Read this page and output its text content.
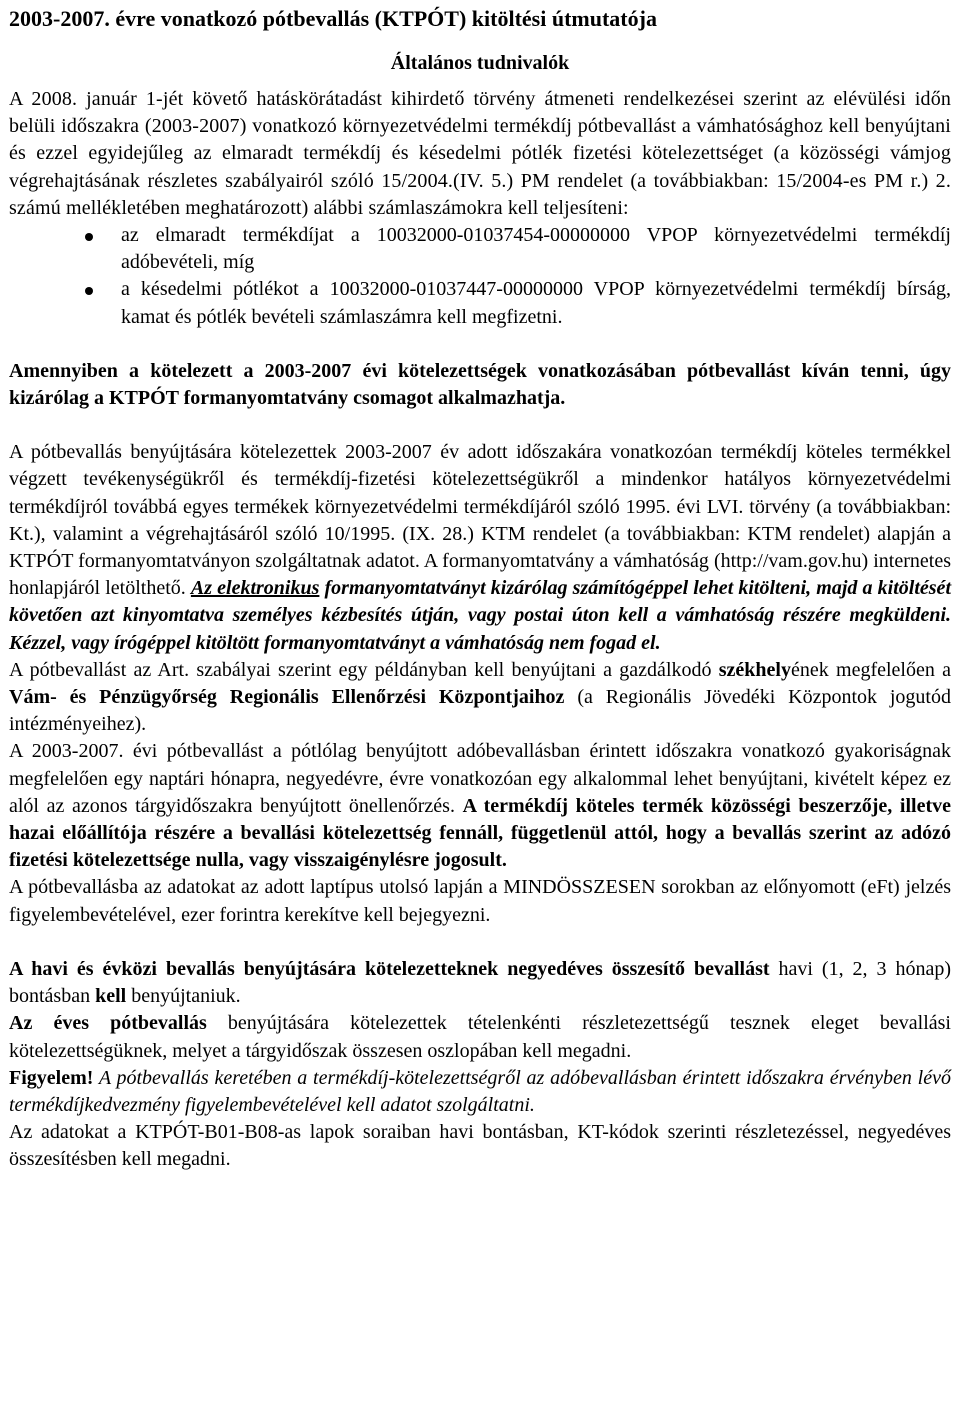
2003-2007. évre vonatkozó pótbevallás (KTPÓT) kitöltési útmutatója
Általános tudnivalók

A 2008. január 1-jét követő hatáskörátadást kihirdető törvény átmeneti rendelkezései szerint az elévülési időn belüli időszakra (2003-2007) vonatkozó környezetvédelmi termékdíj pótbevallást a vámhatósághoz kell benyújtani és ezzel egyidejűleg az elmaradt termékdíj és késedelmi pótlék fizetési kötelezettséget (a közösségi vámjog végrehajtásának részletes szabályairól szóló 15/2004.(IV. 5.) PM rendelet (a továbbiakban: 15/2004-es PM r.) 2. számú mellékletében meghatározott) alábbi számlaszámokra kell teljesíteni:

az elmaradt termékdíjat a 10032000-01037454-00000000 VPOP környezetvédelmi termékdíj adóbevételi, míg
a késedelmi pótlékot a 10032000-01037447-00000000 VPOP környezetvédelmi termékdíj bírság, kamat és pótlék bevételi számlaszámra kell megfizetni.

Amennyiben a kötelezett a 2003-2007 évi kötelezettségek vonatkozásában pótbevallást kíván tenni, úgy kizárólag a KTPÓT formanyomtatvány csomagot alkalmazhatja.

A pótbevallás benyújtására kötelezettek 2003-2007 év adott időszakára vonatkozóan termékdíj köteles termékkel végzett tevékenységükről és termékdíj-fizetési kötelezettségükről a mindenkor hatályos környezetvédelmi termékdíjról továbbá egyes termékek környezetvédelmi termékdíjáról szóló 1995. évi LVI. törvény (a továbbiakban: Kt.), valamint a végrehajtásáról szóló 10/1995. (IX. 28.) KTM rendelet (a továbbiakban: KTM rendelet) alapján a KTPÓT formanyomtatványon szolgáltatnak adatot. A formanyomtatvány a vámhatóság (http://vam.gov.hu) internetes honlapjáról letölthető. Az elektronikus formanyomtatványt kizárólag számítógéppel lehet kitölteni, majd a kitöltését követően azt kinyomtatva személyes kézbesítés útján, vagy postai úton kell a vámhatóság részére megküldeni. Kézzel, vagy írógéppel kitöltött formanyomtatványt a vámhatóság nem fogad el.

A pótbevallást az Art. szabályai szerint egy példányban kell benyújtani a gazdálkodó székhelyének megfelelően a Vám- és Pénzügyőrség Regionális Ellenőrzési Központjaihoz (a Regionális Jövedéki Központok jogutód intézményeihez).

A 2003-2007. évi pótbevallást a pótlólag benyújtott adóbevallásban érintett időszakra vonatkozó gyakoriságnak megfelelően egy naptári hónapra, negyedévre, évre vonatkozóan egy alkalommal lehet benyújtani, kivételt képez ez alól az azonos tárgyidőszakra benyújtott önellenőrzés. A termékdíj köteles termék közösségi beszerzője, illetve hazai előállítója részére a bevallási kötelezettség fennáll, függetlenül attól, hogy a bevallás szerint az adózó fizetési kötelezettsége nulla, vagy visszaigénylésre jogosult.

A pótbevallásba az adatokat az adott laptípus utolsó lapján a MINDÖSSZESEN sorokban az előnyomott (eFt) jelzés figyelembevételével, ezer forintra kerekítve kell bejegyezni.

A havi és évközi bevallás benyújtására kötelezetteknek negyedéves összesítő bevallást havi (1, 2, 3 hónap) bontásban kell benyújtaniuk.

Az éves pótbevallás benyújtására kötelezettek tételenkénti részletezettségű tesznek eleget bevallási kötelezettségüknek, melyet a tárgyidőszak összesen oszlopában kell megadni.

Figyelem! A pótbevallás keretében a termékdíj-kötelezettségről az adóbevallásban érintett időszakra érvényben lévő termékdíjkedvezmény figyelembevételével kell adatot szolgáltatni.

Az adatokat a KTPÓT-B01-B08-as lapok soraiban havi bontásban, KT-kódok szerinti részletezéssel, negyedéves összesítésben kell megadni.
